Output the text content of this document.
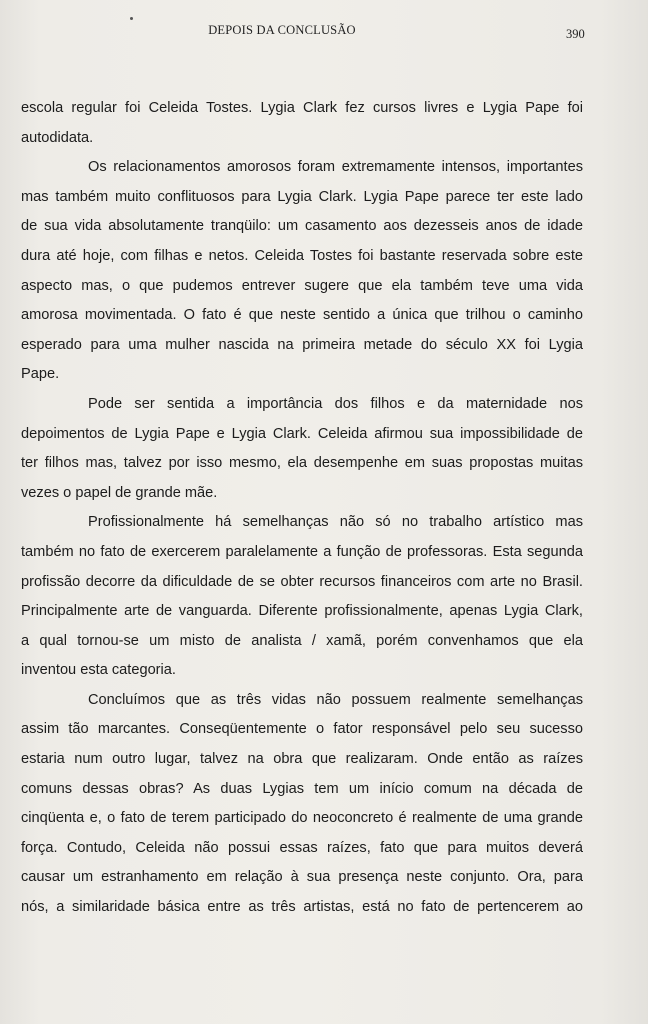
DEPOIS DA CONCLUSÃO	390
escola regular foi Celeida Tostes. Lygia Clark fez cursos livres e Lygia Pape foi
autodidata.
Os relacionamentos amorosos foram extremamente intensos, importantes
mas também muito conflituosos para Lygia Clark. Lygia Pape parece ter este lado
de sua vida absolutamente tranqüilo: um casamento aos dezesseis anos de idade
dura até hoje, com filhas e netos. Celeida Tostes foi bastante reservada sobre este
aspecto mas, o que pudemos entrever sugere que ela também teve uma vida
amorosa movimentada. O fato é que neste sentido a única que trilhou o caminho
esperado para uma mulher nascida na primeira metade do século XX foi Lygia
Pape.
Pode ser sentida a importância dos filhos e da maternidade nos
depoimentos de Lygia Pape e Lygia Clark. Celeida afirmou sua impossibilidade de
ter filhos mas, talvez por isso mesmo, ela desempenhe em suas propostas muitas
vezes o papel de grande mãe.
Profissionalmente há semelhanças não só no trabalho artístico mas
também no fato de exercerem paralelamente a função de professoras. Esta segunda
profissão decorre da dificuldade de se obter recursos financeiros com arte no Brasil.
Principalmente arte de vanguarda. Diferente profissionalmente, apenas Lygia Clark,
a qual tornou-se um misto de analista / xamã, porém convenhamos que ela
inventou esta categoria.
Concluímos que as três vidas não possuem realmente semelhanças
assim tão marcantes. Conseqüentemente o fator responsável pelo seu sucesso
estaria num outro lugar, talvez na obra que realizaram. Onde então as raízes
comuns dessas obras? As duas Lygias tem um início comum na década de
cinqüenta e, o fato de terem participado do neoconcreto é realmente de uma grande
força. Contudo, Celeida não possui essas raízes, fato que para muitos deverá
causar um estranhamento em relação à sua presença neste conjunto. Ora, para
nós, a similaridade básica entre as três artistas, está no fato de pertencerem ao
